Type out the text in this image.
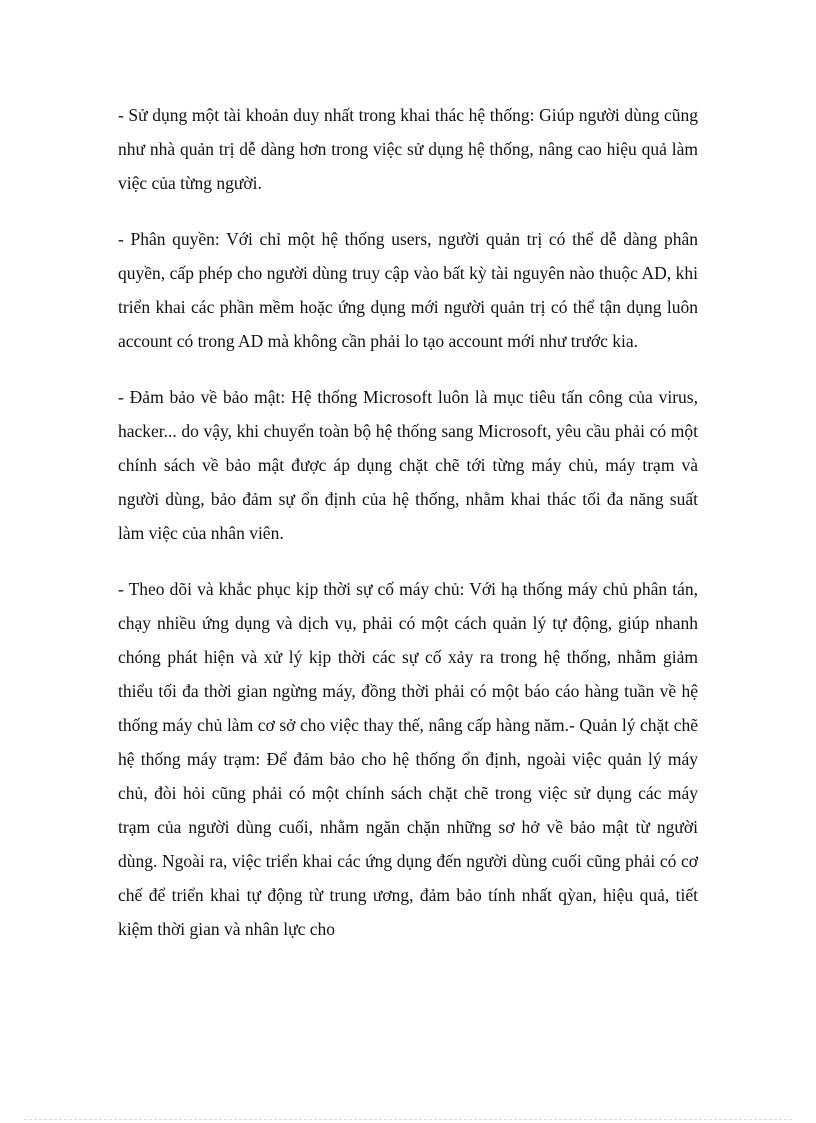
- Sử dụng một tài khoản duy nhất trong khai thác hệ thống: Giúp người dùng cũng như nhà quản trị dễ dàng hơn trong việc sử dụng hệ thống, nâng cao hiệu quả làm việc của từng người.

- Phân quyền: Với chỉ một hệ thống users, người quản trị có thể dễ dàng phân quyền, cấp phép cho người dùng truy cập vào bất kỳ tài nguyên nào thuộc AD, khi triển khai các phần mềm hoặc ứng dụng mới người quản trị có thể tận dụng luôn account có trong AD mà không cần phải lo tạo account mới như trước kia.

- Đảm bảo về bảo mật: Hệ thống Microsoft luôn là mục tiêu tấn công của virus, hacker... do vậy, khi chuyển toàn bộ hệ thống sang Microsoft, yêu cầu phải có một chính sách về bảo mật được áp dụng chặt chẽ tới từng máy chủ, máy trạm và người dùng, bảo đảm sự ổn định của hệ thống, nhằm khai thác tối đa năng suất làm việc của nhân viên.

- Theo dõi và khắc phục kịp thời sự cố máy chủ: Với hạ thống máy chủ phân tán, chạy nhiều ứng dụng và dịch vụ, phải có một cách quản lý tự động, giúp nhanh chóng phát hiện và xử lý kịp thời các sự cố xảy ra trong hệ thống, nhằm giảm thiểu tối đa thời gian ngừng máy, đồng thời phải có một báo cáo hàng tuần về hệ thống máy chủ làm cơ sở cho việc thay thế, nâng cấp hàng năm.- Quản lý chặt chẽ hệ thống máy trạm: Để đảm bảo cho hệ thống ổn định, ngoài việc quản lý máy chủ, đòi hỏi cũng phải có một chính sách chặt chẽ trong việc sử dụng các máy trạm của người dùng cuối, nhằm ngăn chặn những sơ hở về bảo mật từ người dùng. Ngoài ra, việc triển khai các ứng dụng đến người dùng cuối cũng phải có cơ chế để triển khai tự động từ trung ương, đảm bảo tính nhất qỳan, hiệu quả, tiết kiệm thời gian và nhân lực cho
